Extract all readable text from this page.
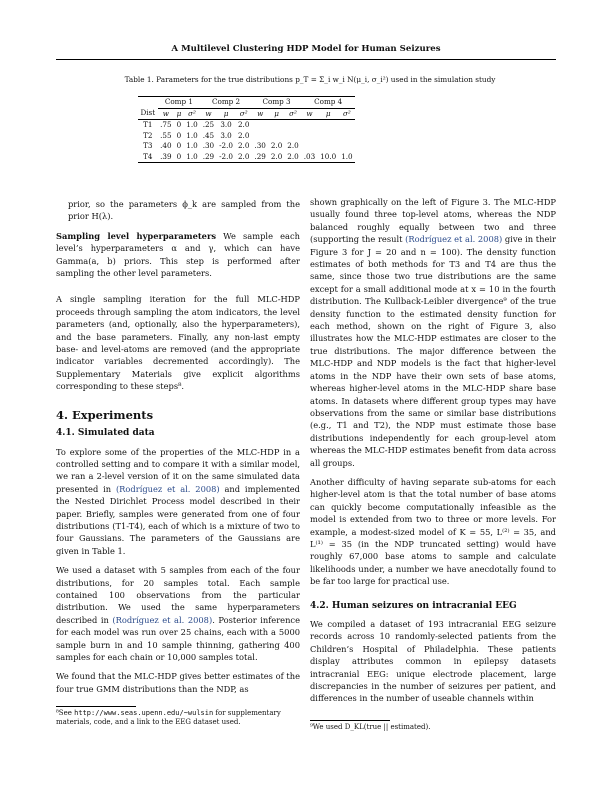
A Multilevel Clustering HDP Model for Human Seizures
Table 1. Parameters for the true distributions p_T = Σ_i w_i N(μ_i, σ_i²) used in the simulation study
	Comp 1			Comp 2			Comp 3			Comp 4		
Dist	w	μ	σ²	w	μ	σ²	w	μ	σ²	w	μ	σ²
T1	.75	0	1.0	.25	3.0	2.0						
T2	.55	0	1.0	.45	3.0	2.0						
T3	.40	0	1.0	.30	-2.0	2.0	.30	2.0	2.0			
T4	.39	0	1.0	.29	-2.0	2.0	.29	2.0	2.0	.03	10.0	1.0

prior, so the parameters ϕ_k are sampled from the prior H(λ).

Sampling level hyperparameters We sample each level’s hyperparameters α and γ, which can have Gamma(a, b) priors. This step is performed after sampling the other level parameters.

A single sampling iteration for the full MLC-HDP proceeds through sampling the atom indicators, the level parameters (and, optionally, also the hyperparameters), and the base parameters. Finally, any non-last empty base- and level-atoms are removed (and the appropriate indicator variables decremented accordingly). The Supplementary Materials give explicit algorithms corresponding to these steps⁸.

4. Experiments
4.1. Simulated data

To explore some of the properties of the MLC-HDP in a controlled setting and to compare it with a similar model, we ran a 2-level version of it on the same simulated data presented in (Rodríguez et al. 2008) and implemented the Nested Dirichlet Process model described in their paper. Briefly, samples were generated from one of four distributions (T1-T4), each of which is a mixture of two to four Gaussians. The parameters of the Gaussians are given in Table 1.

We used a dataset with 5 samples from each of the four distributions, for 20 samples total. Each sample contained 100 observations from the particular distribution. We used the same hyperparameters described in (Rodríguez et al. 2008). Posterior inference for each model was run over 25 chains, each with a 5000 sample burn in and 10 sample thinning, gathering 400 samples for each chain or 10,000 samples total.

We found that the MLC-HDP gives better estimates of the four true GMM distributions than the NDP, as

⁸See http://www.seas.upenn.edu/~wulsin for supplementary materials, code, and a link to the EEG dataset used.

shown graphically on the left of Figure 3. The MLC-HDP usually found three top-level atoms, whereas the NDP balanced roughly equally between two and three (supporting the result (Rodríguez et al. 2008) give in their Figure 3 for J = 20 and n = 100). The density function estimates of both methods for T3 and T4 are thus the same, since those two true distributions are the same except for a small additional mode at x = 10 in the fourth distribution. The Kullback-Leibler divergence⁹ of the true density function to the estimated density function for each method, shown on the right of Figure 3, also illustrates how the MLC-HDP estimates are closer to the true distributions. The major difference between the MLC-HDP and NDP models is the fact that higher-level atoms in the NDP have their own sets of base atoms, whereas higher-level atoms in the MLC-HDP share base atoms. In datasets where different group types may have observations from the same or similar base distributions (e.g., T1 and T2), the NDP must estimate those base distributions independently for each group-level atom whereas the MLC-HDP estimates benefit from data across all groups.

Another difficulty of having separate sub-atoms for each higher-level atom is that the total number of base atoms can quickly become computationally infeasible as the model is extended from two to three or more levels. For example, a modest-sized model of K = 55, L⁽²⁾ = 35, and L⁽¹⁾ = 35 (in the NDP truncated setting) would have roughly 67,000 base atoms to sample and calculate likelihoods under, a number we have anecdotally found to be far too large for practical use.

4.2. Human seizures on intracranial EEG

We compiled a dataset of 193 intracranial EEG seizure records across 10 randomly-selected patients from the Children’s Hospital of Philadelphia. These patients display attributes common in epilepsy datasets intracranial EEG: unique electrode placement, large discrepancies in the number of seizures per patient, and differences in the number of useable channels within

⁹We used D_KL(true || estimated).
